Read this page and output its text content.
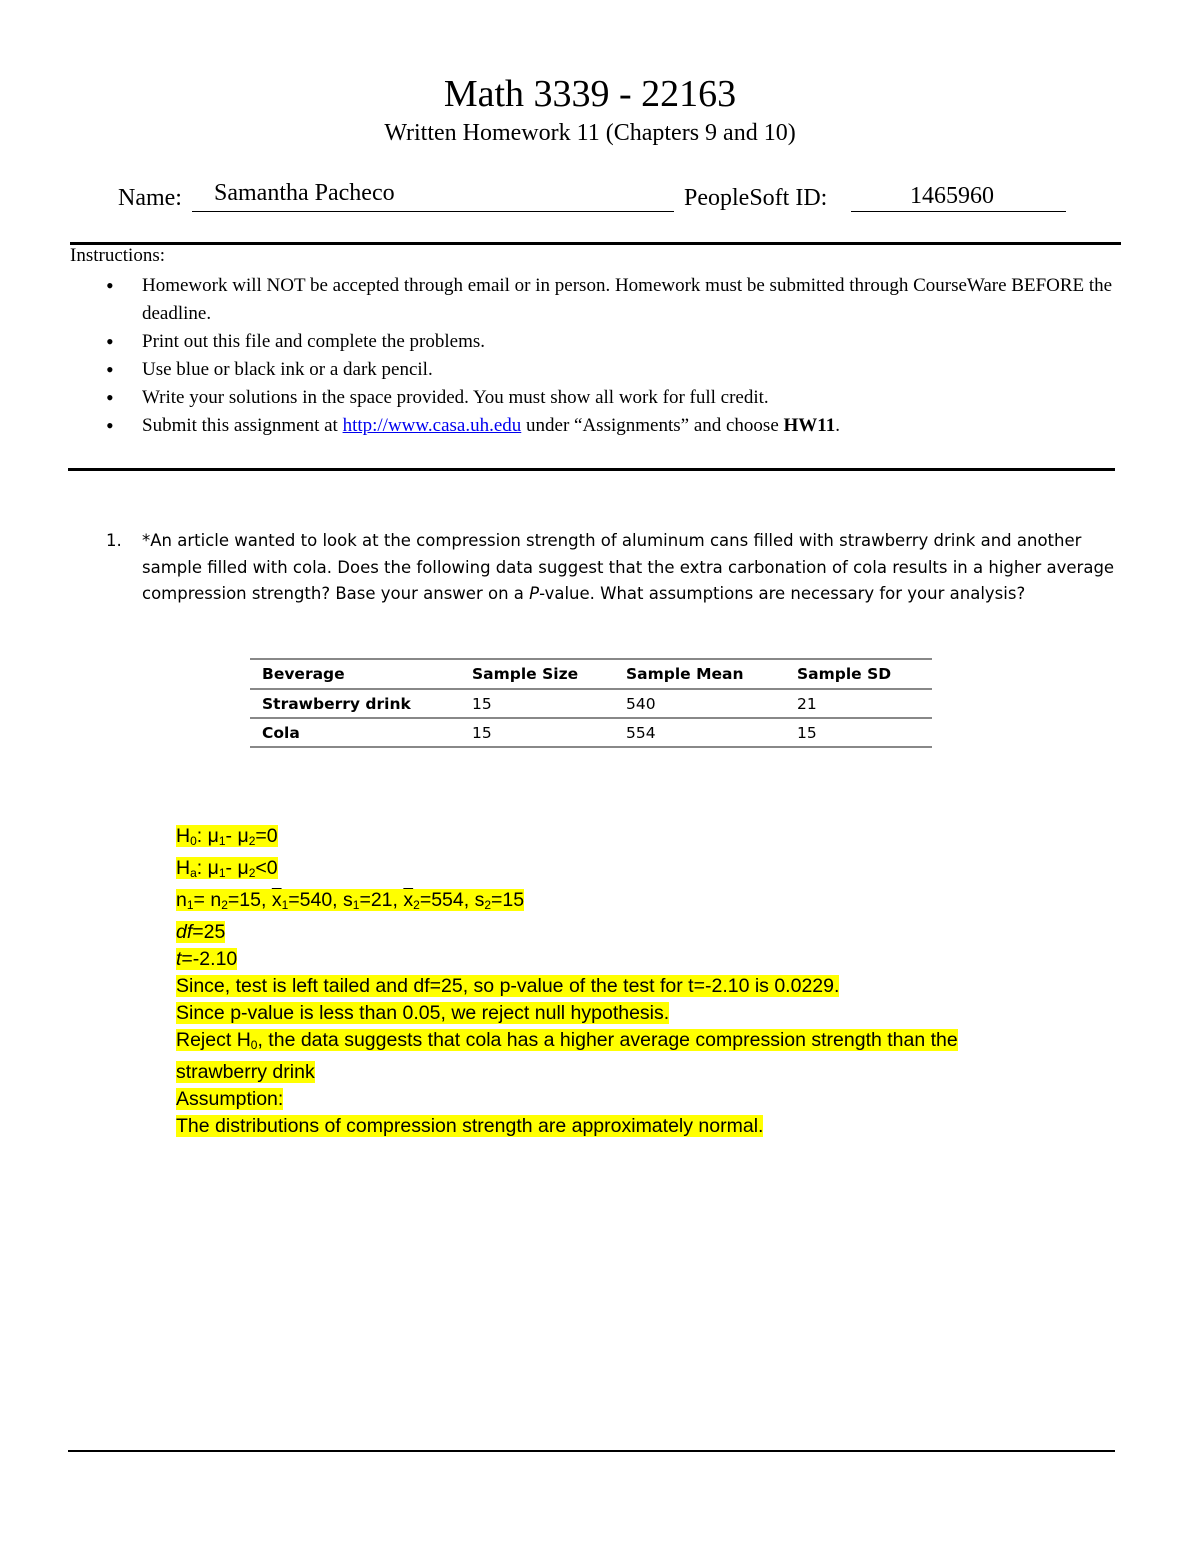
Math 3339 - 22163
Written Homework 11 (Chapters 9 and 10)
Name: Samantha Pacheco	PeopleSoft ID:	1465960
Instructions:
• Homework will NOT be accepted through email or in person. Homework must be submitted through CourseWare BEFORE the deadline.
• Print out this file and complete the problems.
• Use blue or black ink or a dark pencil.
• Write your solutions in the space provided. You must show all work for full credit.
• Submit this assignment at http://www.casa.uh.edu under “Assignments” and choose HW11.
1. *An article wanted to look at the compression strength of aluminum cans filled with strawberry drink and another sample filled with cola. Does the following data suggest that the extra carbonation of cola results in a higher average compression strength? Base your answer on a P-value. What assumptions are necessary for your analysis?
Beverage	Sample Size	Sample Mean	Sample SD
Strawberry drink	15	540	21
Cola	15	554	15
$H_0$: $\mu_1-$ $\mu_2=0$
$H_a$: $\mu_1-$ $\mu_2<0$
$n_1= n_2=15$, $\overline{x}_1=540$, $s_1=21$, $\overline{x}_2=554$, $s_2=15$
df=25
t=-2.10
Since, test is left tailed and df=25, so p-value of the test for t=-2.10 is 0.0229.
Since p-value is less than 0.05, we reject null hypothesis.
Reject $H_0$, the data suggests that cola has a higher average compression strength than the
strawberry drink
Assumption:
The distributions of compression strength are approximately normal.
